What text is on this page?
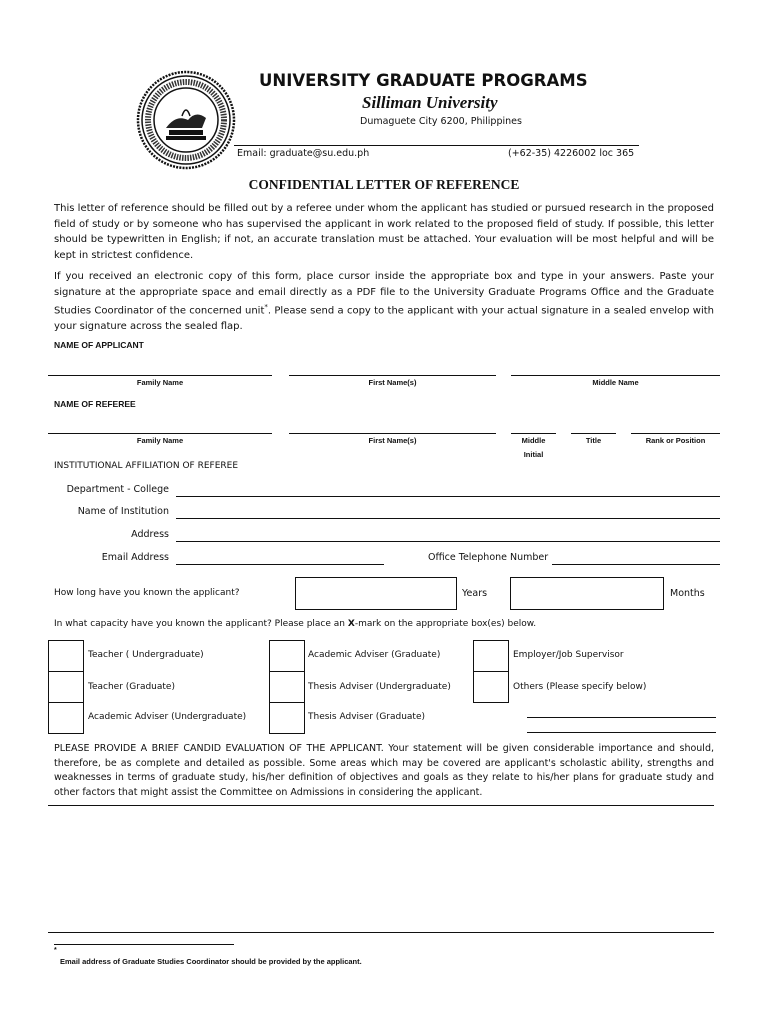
UNIVERSITY GRADUATE PROGRAMS
Silliman University
Dumaguete City 6200, Philippines
Email: graduate@su.edu.ph	(+62-35) 4226002 loc 365
CONFIDENTIAL LETTER OF REFERENCE
This letter of reference should be filled out by a referee under whom the applicant has studied or pursued research in the proposed field of study or by someone who has supervised the applicant in work related to the proposed field of study. If possible, this letter should be typewritten in English; if not, an accurate translation must be attached. Your evaluation will be most helpful and will be kept in strictest confidence.
If you received an electronic copy of this form, place cursor inside the appropriate box and type in your answers. Paste your signature at the appropriate space and email directly as a PDF file to the University Graduate Programs Office and the Graduate Studies Coordinator of the concerned unit*. Please send a copy to the applicant with your actual signature in a sealed envelop with your signature across the sealed flap.
NAME OF APPLICANT
Family Name	First Name(s)	Middle Name
NAME OF REFEREE
Family Name	First Name(s)	Middle
Initial
Title	Rank or Position
INSTITUTIONAL AFFILIATION OF REFEREE
Department - College
Name of Institution
Address
Email Address	Office Telephone Number
How long have you known the applicant?	Years	Months
In what capacity have you known the applicant? Please place an X-mark on the appropriate box(es) below.
Teacher ( Undergraduate)	Academic Adviser (Graduate)	Employer/Job Supervisor
Teacher (Graduate)	Thesis Adviser (Undergraduate)	Others (Please specify below)
Academic Adviser (Undergraduate)	Thesis Adviser (Graduate)
PLEASE PROVIDE A BRIEF CANDID EVALUATION OF THE APPLICANT. Your statement will be given considerable importance and should, therefore, be as complete and detailed as possible. Some areas which may be covered are applicant's scholastic ability, strengths and weaknesses in terms of graduate study, his/her definition of objectives and goals as they relate to his/her plans for graduate study and other factors that might assist the Committee on Admissions in considering the applicant.
*
Email address of Graduate Studies Coordinator should be provided by the applicant.
